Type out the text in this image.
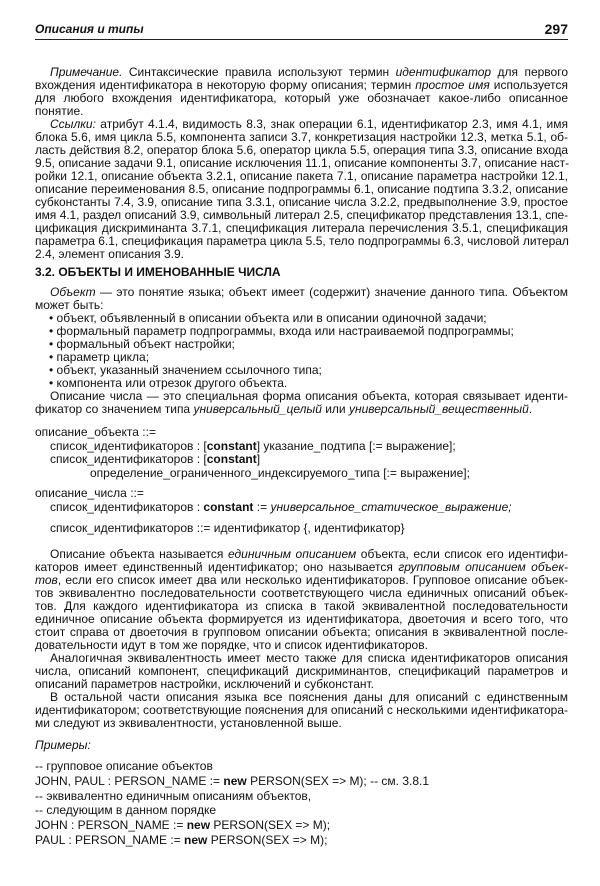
Описания и типы	297
Примечание. Синтаксические правила используют термин идентификатор для первого
вхождения идентификатора в некоторую форму описания; термин простое имя используется
для любого вхождения идентификатора, который уже обозначает какое-либо описанное
понятие.
Ссылки: атрибут 4.1.4, видимость 8.3, знак операции 6.1, идентификатор 2.3, имя 4.1, имя
блока 5.6, имя цикла 5.5, компонента записи 3.7, конкретизация настройки 12.3, метка 5.1, об-
ласть действия 8.2, оператор блока 5.6, оператор цикла 5.5, операция типа 3.3, описание входа
9.5, описание задачи 9.1, описание исключения 11.1, описание компоненты 3.7, описание наст-
ройки 12.1, описание объекта 3.2.1, описание пакета 7.1, описание параметра настройки 12.1,
описание переименования 8.5, описание подпрограммы 6.1, описание подтипа 3.3.2, описание
субконстанты 7.4, 3.9, описание типа 3.3.1, описание числа 3.2.2, предвыполнение 3.9, простое
имя 4.1, раздел описаний 3.9, символьный литерал 2.5, спецификатор представления 13.1, спе-
цификация дискриминанта 3.7.1, спецификация литерала перечисления 3.5.1, спецификация
параметра 6.1, спецификация параметра цикла 5.5, тело подпрограммы 6.3, числовой литерал
2.4, элемент описания 3.9.
3.2. ОБЪЕКТЫ И ИМЕНОВАННЫЕ ЧИСЛА
Объект — это понятие языка; объект имеет (содержит) значение данного типа. Объектом
может быть:
• объект, объявленный в описании объекта или в описании одиночной задачи;
• формальный параметр подпрограммы, входа или настраиваемой подпрограммы;
• формальный объект настройки;
• параметр цикла;
• объект, указанный значением ссылочного типа;
• компонента или отрезок другого объекта.
Описание числа — это специальная форма описания объекта, которая связывает иденти-
фикатор со значением типа универсальный_целый или универсальный_вещественный.
описание_объекта ::=
список_идентификаторов : [constant] указание_подтипа [:= выражение];
список_идентификаторов : [constant]
определение_ограниченного_индексируемого_типа [:= выражение];
описание_числа ::=
список_идентификаторов : constant := универсальное_статическое_выражение;
список_идентификаторов ::= идентификатор {, идентификатор}
Описание объекта называется единичным описанием объекта, если список его идентифи-
каторов имеет единственный идентификатор; оно называется групповым описанием объек-
тов, если его список имеет два или несколько идентификаторов. Групповое описание объек-
тов эквивалентно последовательности соответствующего числа единичных описаний объек-
тов. Для каждого идентификатора из списка в такой эквивалентной последовательности
единичное описание объекта формируется из идентификатора, двоеточия и всего того, что
стоит справа от двоеточия в групповом описании объекта; описания в эквивалентной после-
довательности идут в том же порядке, что и список идентификаторов.
Аналогичная эквивалентность имеет место также для списка идентификаторов описания
числа, описаний компонент, спецификаций дискриминантов, спецификаций параметров и
описаний параметров настройки, исключений и субконстант.
В остальной части описания языка все пояснения даны для описаний с единственным
идентификатором; соответствующие пояснения для описаний с несколькими идентификатора-
ми следуют из эквивалентности, установленной выше.
Примеры:
-- групповое описание объектов
JOHN, PAUL : PERSON_NAME := new PERSON(SEX => M); -- см. 3.8.1
-- эквивалентно единичным описаниям объектов,
-- следующим в данном порядке
JOHN : PERSON_NAME := new PERSON(SEX => M);
PAUL : PERSON_NAME := new PERSON(SEX => M);
